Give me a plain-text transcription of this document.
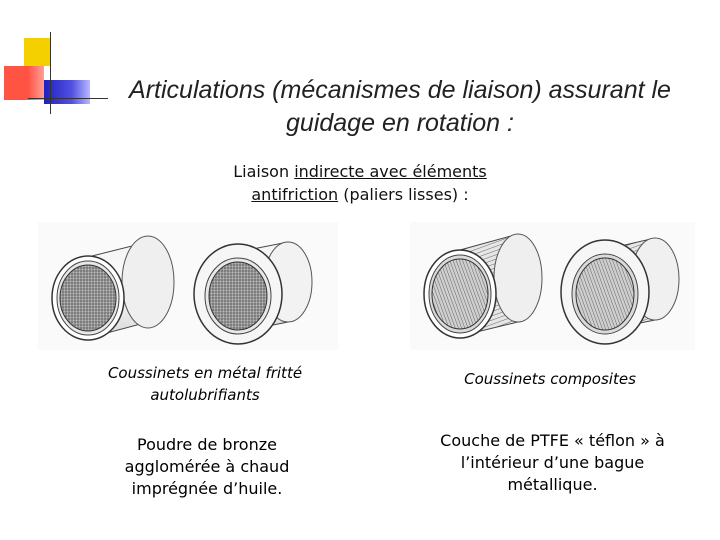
Articulations (mécanismes de liaison) assurant le
guidage en rotation :
Liaison indirecte avec éléments
antifriction (paliers lisses) :
Coussinets en métal fritté
autolubrifiants
Poudre de bronze
agglomérée à chaud
imprégnée d’huile.
Coussinets composites
Couche de PTFE « téflon » à
l’intérieur d’une bague
métallique.
